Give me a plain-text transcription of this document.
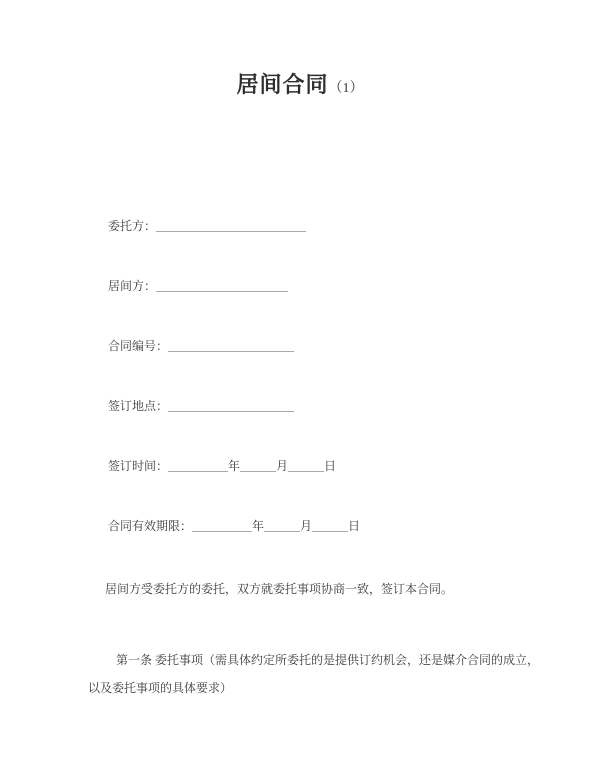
居间合同（1）
委托方：_________________________
居间方：______________________
合同编号：_____________________
签订地点：_____________________
签订时间：__________年______月______日
合同有效期限：__________年______月______日
居间方受委托方的委托，双方就委托事项协商一致，签订本合同。
第一条 委托事项（需具体约定所委托的是提供订约机会，还是媒介合同的成立，
以及委托事项的具体要求）
